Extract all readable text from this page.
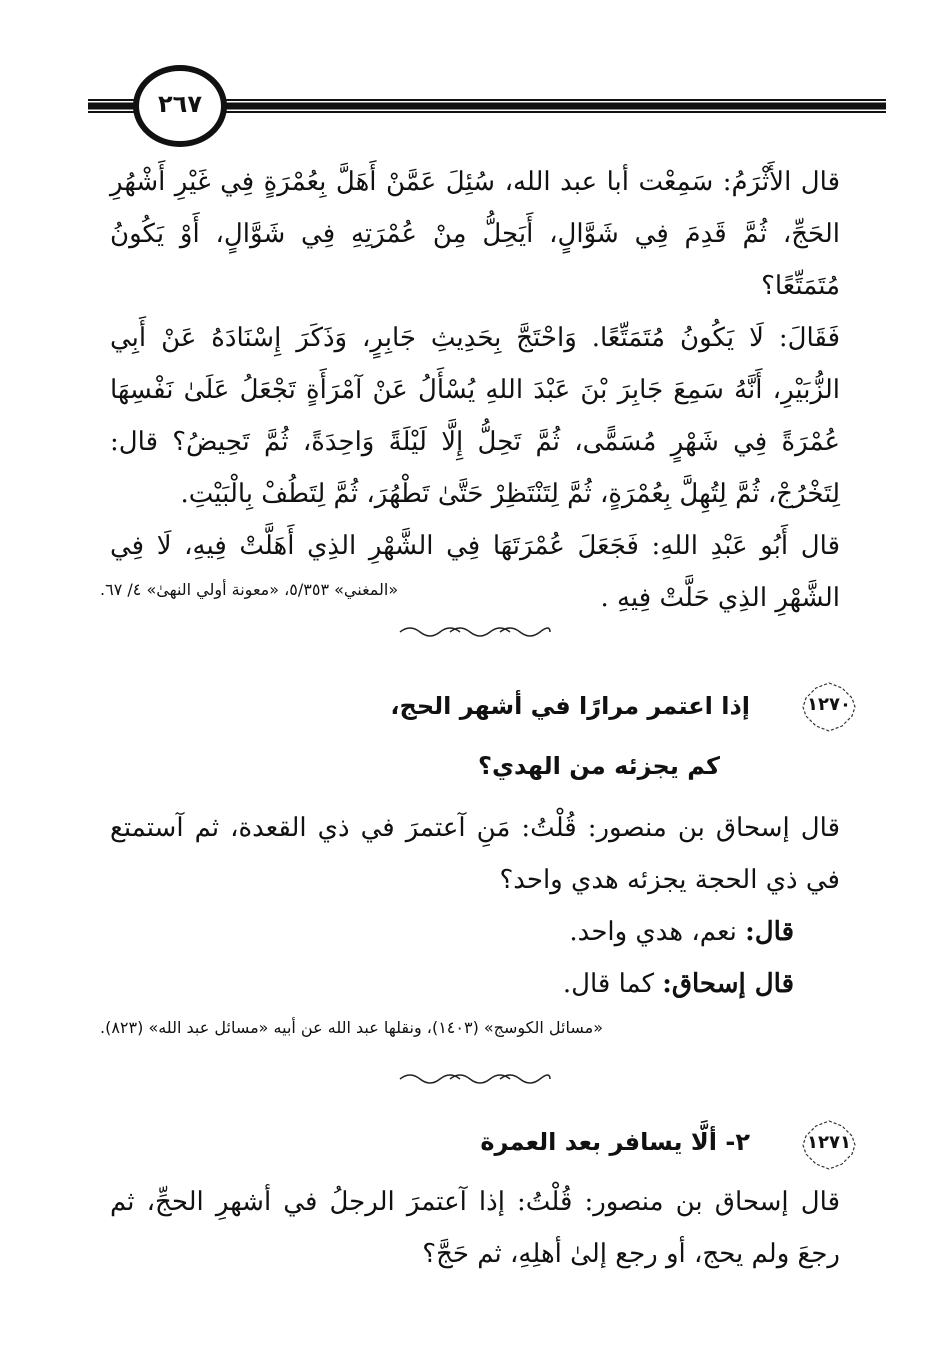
٢٦٧

قال الأَثْرَمُ: سَمِعْت أبا عبد الله، سُئِلَ عَمَّنْ أَهَلَّ بِعُمْرَةٍ فِي غَيْرِ أَشْهُرِ الحَجِّ، ثُمَّ قَدِمَ فِي شَوَّالٍ، أَيَحِلُّ مِنْ عُمْرَتِهِ فِي شَوَّالٍ، أَوْ يَكُونُ مُتَمَتِّعًا؟

فَقَالَ: لَا يَكُونُ مُتَمَتِّعًا. وَاحْتَجَّ بِحَدِيثِ جَابِرٍ، وَذَكَرَ إِسْنَادَهُ عَنْ أَبِي الزُّبَيْرِ، أَنَّهُ سَمِعَ جَابِرَ بْنَ عَبْدَ اللهِ يُسْأَلُ عَنْ آمْرَأَةٍ تَجْعَلُ عَلَىٰ نَفْسِهَا عُمْرَةً فِي شَهْرٍ مُسَمًّى، ثُمَّ تَحِلُّ إِلَّا لَيْلَةً وَاحِدَةً، ثُمَّ تَحِيضُ؟ قال: لِتَخْرُجْ، ثُمَّ لِتُهِلَّ بِعُمْرَةٍ، ثُمَّ لِتَنْتَظِرْ حَتَّىٰ تَطْهُرَ، ثُمَّ لِتَطُفْ بِالْبَيْتِ.

قال أَبُو عَبْدِ اللهِ: فَجَعَلَ عُمْرَتَهَا فِي الشَّهْرِ الذِي أَهَلَّتْ فِيهِ، لَا فِي الشَّهْرِ الذِي حَلَّتْ فِيهِ .

«المغني» ٥/٣٥٣، «معونة أولي النهىٰ» ٤/ ٦٧.
١٢٧٠
إذا اعتمر مرارًا في أشهر الحج،
كم يجزئه من الهدي؟

قال إسحاق بن منصور: قُلْتُ: مَنِ آعتمرَ في ذي القعدة، ثم آستمتع في ذي الحجة يجزئه هدي واحد؟

قال: نعم، هدي واحد.

قال إسحاق: كما قال.

«مسائل الكوسج» (١٤٠٣)، ونقلها عبد الله عن أبيه «مسائل عبد الله» (٨٢٣).
١٢٧١
٢- ألَّا يسافر بعد العمرة

قال إسحاق بن منصور: قُلْتُ: إذا آعتمرَ الرجلُ في أشهرِ الحجِّ، ثم رجعَ ولم يحج، أو رجع إلىٰ أهلِهِ، ثم حَجَّ؟
